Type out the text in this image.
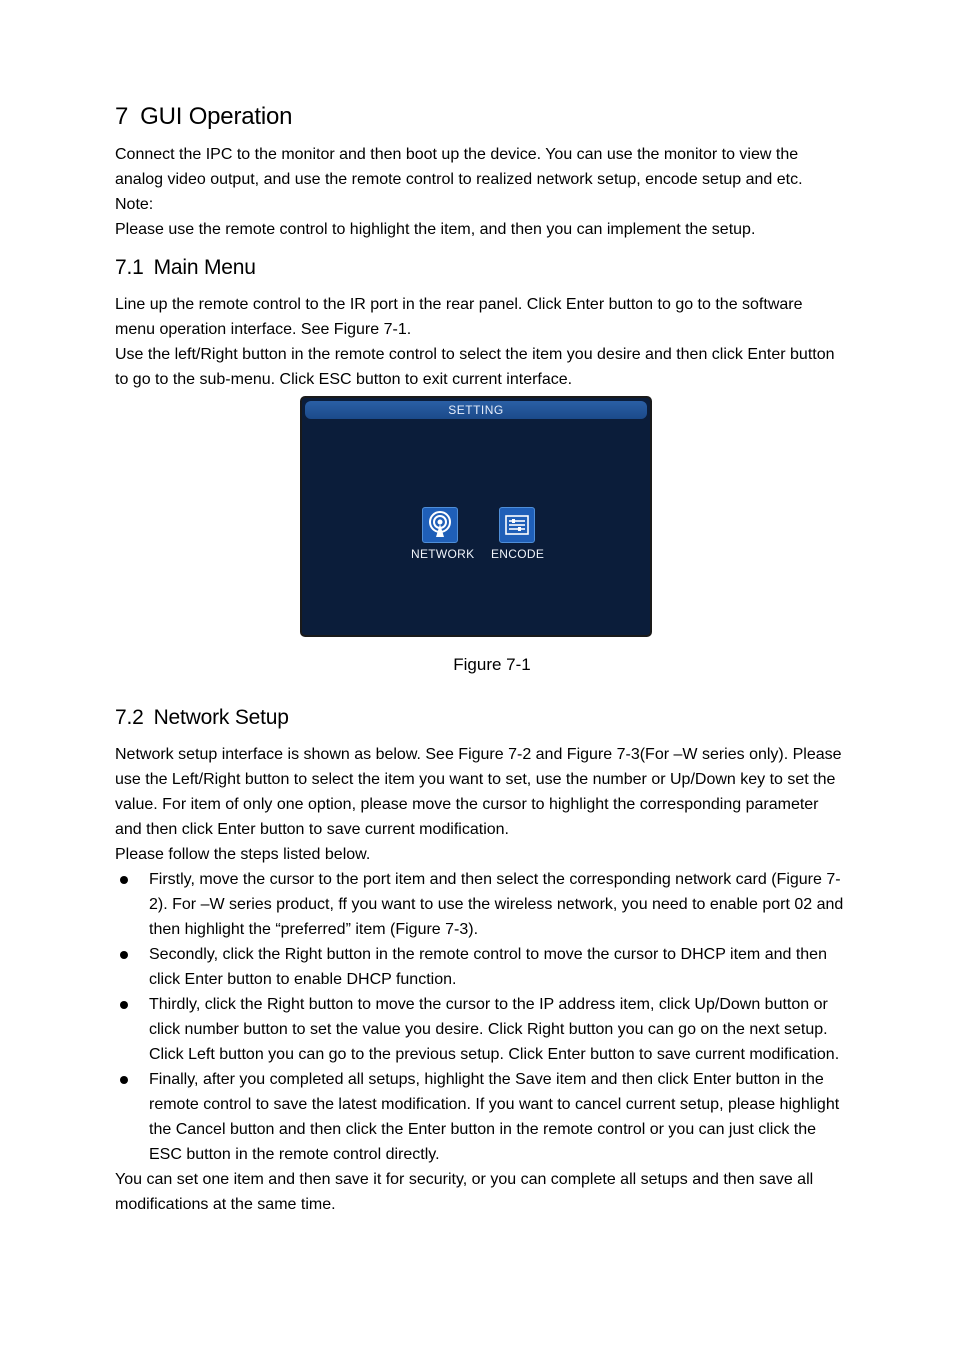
7 GUI Operation

Connect the IPC to the monitor and then boot up the device. You can use the monitor to view the analog video output, and use the remote control to realized network setup, encode setup and etc.

Note:

Please use the remote control to highlight the item, and then you can implement the setup.

7.1 Main Menu

Line up the remote control to the IR port in the rear panel. Click Enter button to go to the software menu operation interface. See Figure 7-1.

Use the left/Right button in the remote control to select the item you desire and then click Enter button to go to the sub-menu. Click ESC button to exit current interface.

SETTING
NETWORK ENCODE
Figure 7-1
7.2 Network Setup

Network setup interface is shown as below. See Figure 7-2 and Figure 7-3(For –W series only). Please use the Left/Right button to select the item you want to set, use the number or Up/Down key to set the value. For item of only one option, please move the cursor to highlight the corresponding parameter and then click Enter button to save current modification.

Please follow the steps listed below.

Firstly, move the cursor to the port item and then select the corresponding network card (Figure 7-2). For –W series product, ff you want to use the wireless network, you need to enable port 02 and then highlight the “preferred” item (Figure 7-3).
Secondly, click the Right button in the remote control to move the cursor to DHCP item and then click Enter button to enable DHCP function.
Thirdly, click the Right button to move the cursor to the IP address item, click Up/Down button or click number button to set the value you desire. Click Right button you can go on the next setup. Click Left button you can go to the previous setup. Click Enter button to save current modification.
Finally, after you completed all setups, highlight the Save item and then click Enter button in the remote control to save the latest modification. If you want to cancel current setup, please highlight the Cancel button and then click the Enter button in the remote control or you can just click the ESC button in the remote control directly.

You can set one item and then save it for security, or you can complete all setups and then save all modifications at the same time.
